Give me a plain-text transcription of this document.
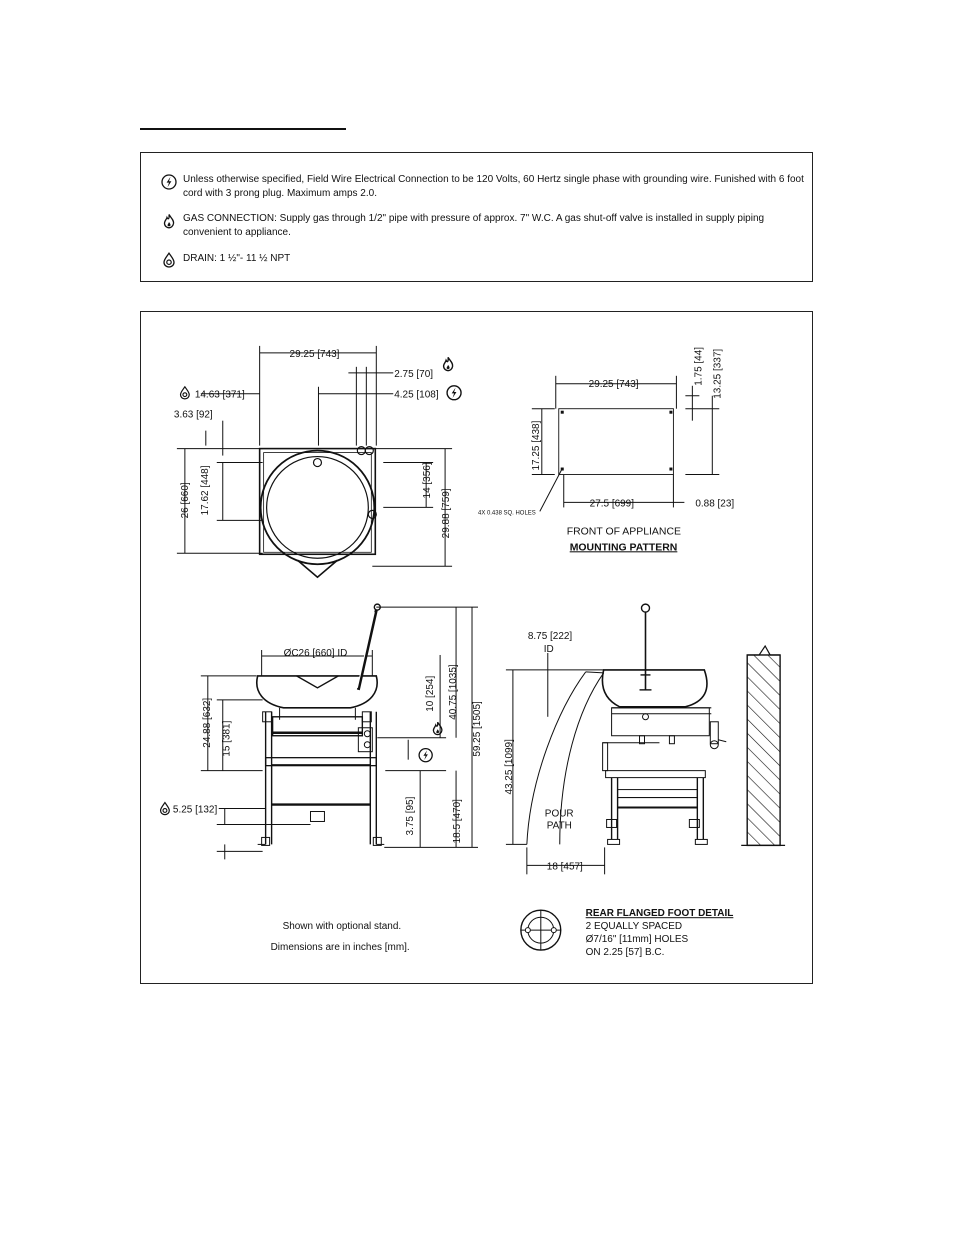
Unless otherwise specified, Field Wire Electrical Connection to be 120 Volts, 60 Hertz single phase with grounding wire. Funished with 6 foot
cord with 3 prong plug. Maximum amps 2.0.
GAS CONNECTION: Supply gas through 1/2" pipe with pressure of approx. 7" W.C. A gas shut-off valve is installed in supply piping
convenient to appliance.
DRAIN: 1 ½"- 11 ½ NPT
29.25 [743]
2.75 [70]
4.25 [108]
14.63 [371]
3.63 [92]
26 [660] 17.62 [448]	14 [356]
29.88 [759]
29.25 [743]	1.75 [44] 13.25 [337]
17.25 [438]
4X 0.438 SQ. HOLES
27.5 [699]	0.88 [23]
FRONT OF APPLIANCE
MOUNTING PATTERN
ØC26 [660] ID
24.88 [632] 15 [381]
10 [254] 40.75 [1035]
59.25 [1505]
3.75 [95]	18.5 [470]
5.25 [132]
8.75 [222]
ID
43.25 [1099]
POUR
PATH
18 [457]
Shown with optional stand.
Dimensions are in inches [mm].
REAR FLANGED FOOT DETAIL
2 EQUALLY SPACED
Ø7/16" [11mm] HOLES
ON 2.25 [57] B.C.
